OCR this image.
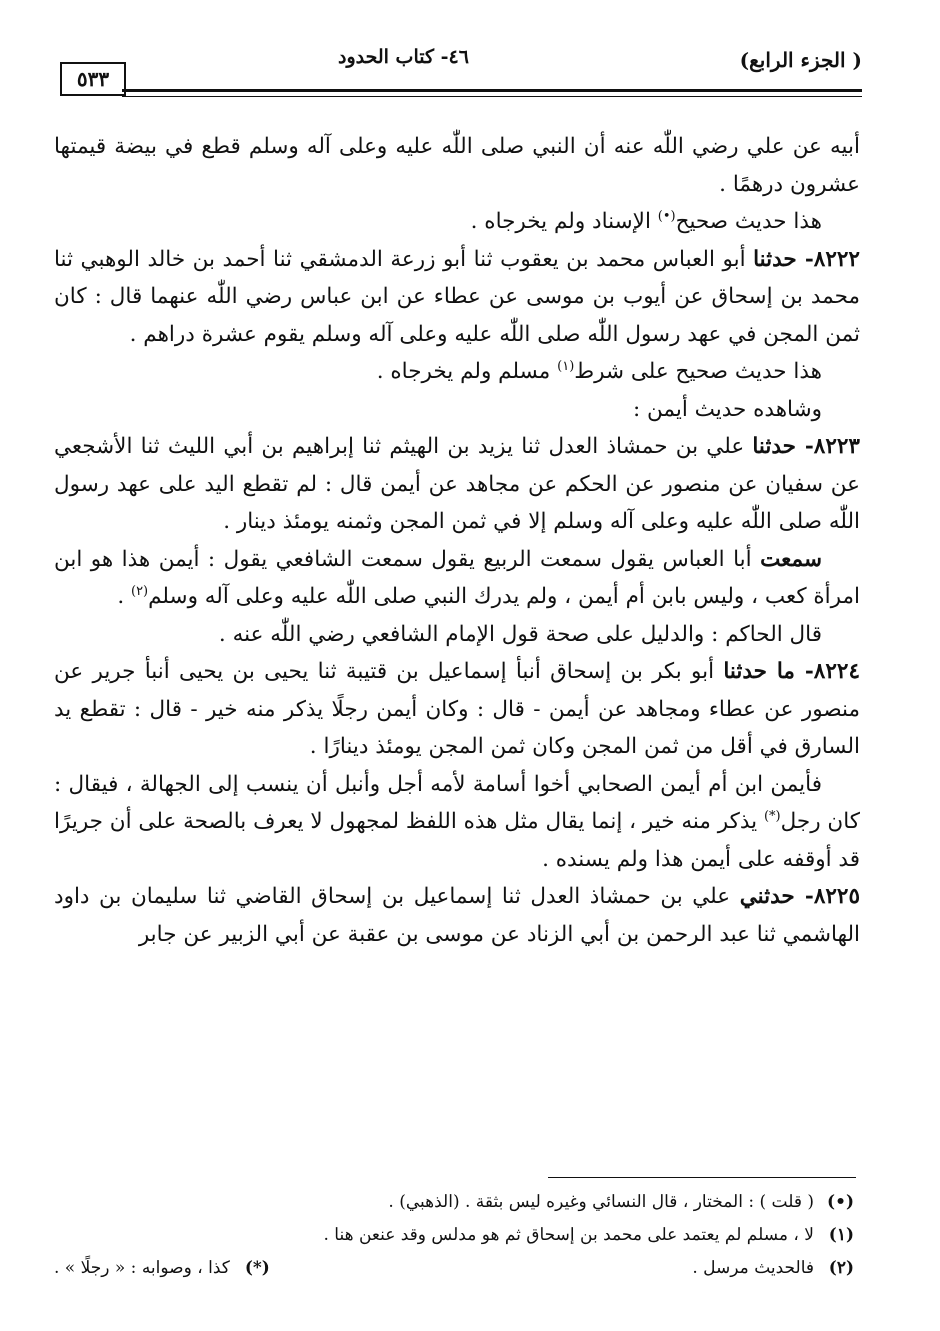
٥٣٣
٤٦- كتاب الحدود	(الجزء الرابع )

أبيه عن علي رضي اللّٰه عنه أن النبي صلى اللّٰه عليه وعلى آله وسلم قطع في بيضة قيمتها عشرون درهمًا .

هذا حديث صحيح(•) الإسناد ولم يخرجاه .

٨٢٢٢- حدثنا أبو العباس محمد بن يعقوب ثنا أبو زرعة الدمشقي ثنا أحمد بن خالد الوهبي ثنا محمد بن إسحاق عن أيوب بن موسى عن عطاء عن ابن عباس رضي اللّٰه عنهما قال : كان ثمن المجن في عهد رسول اللّٰه صلى اللّٰه عليه وعلى آله وسلم يقوم عشرة دراهم .

هذا حديث صحيح على شرط$^{(١)}$ مسلم ولم يخرجاه .

وشاهده حديث أيمن :

٨٢٢٣- حدثنا علي بن حمشاذ العدل ثنا يزيد بن الهيثم ثنا إبراهيم بن أبي الليث ثنا الأشجعي عن سفيان عن منصور عن الحكم عن مجاهد عن أيمن قال : لم تقطع اليد على عهد رسول اللّٰه صلى اللّٰه عليه وعلى آله وسلم إلا في ثمن المجن وثمنه يومئذ دينار .

سمعت أبا العباس يقول سمعت الربيع يقول سمعت الشافعي يقول : أيمن هذا هو ابن امرأة كعب ، وليس بابن أم أيمن ، ولم يدرك النبي صلى اللّٰه عليه وعلى آله وسلم$^{(٢)}$ .

قال الحاكم : والدليل على صحة قول الإمام الشافعي رضي اللّٰه عنه .

٨٢٢٤- ما حدثنا أبو بكر بن إسحاق أنبأ إسماعيل بن قتيبة ثنا يحيى بن يحيى أنبأ جرير عن منصور عن عطاء ومجاهد عن أيمن - قال : وكان أيمن رجلًا يذكر منه خير - قال : تقطع يد السارق في أقل من ثمن المجن وكان ثمن المجن يومئذ دينارًا .

فأيمن ابن أم أيمن الصحابي أخوا أسامة لأمه أجل وأنبل أن ينسب إلى الجهالة ، فيقال : كان رجل(*) يذكر منه خير ، إنما يقال مثل هذه اللفظ لمجهول لا يعرف بالصحة على أن جريرًا قد أوقفه على أيمن هذا ولم يسنده .

٨٢٢٥- حدثني علي بن حمشاذ العدل ثنا إسماعيل بن إسحاق القاضي ثنا سليمان بن داود الهاشمي ثنا عبد الرحمن بن أبي الزناد عن موسى بن عقبة عن أبي الزبير عن جابر

(•)( قلت ) : المختار ، قال النسائي وغيره ليس بثقة . (الذهبي) .
(١)لا ، مسلم لم يعتمد على محمد بن إسحاق ثم هو مدلس وقد عنعن هنا .
(٢)فالحديث مرسل .
(*)كذا ، وصوابه : « رجلًا » .
